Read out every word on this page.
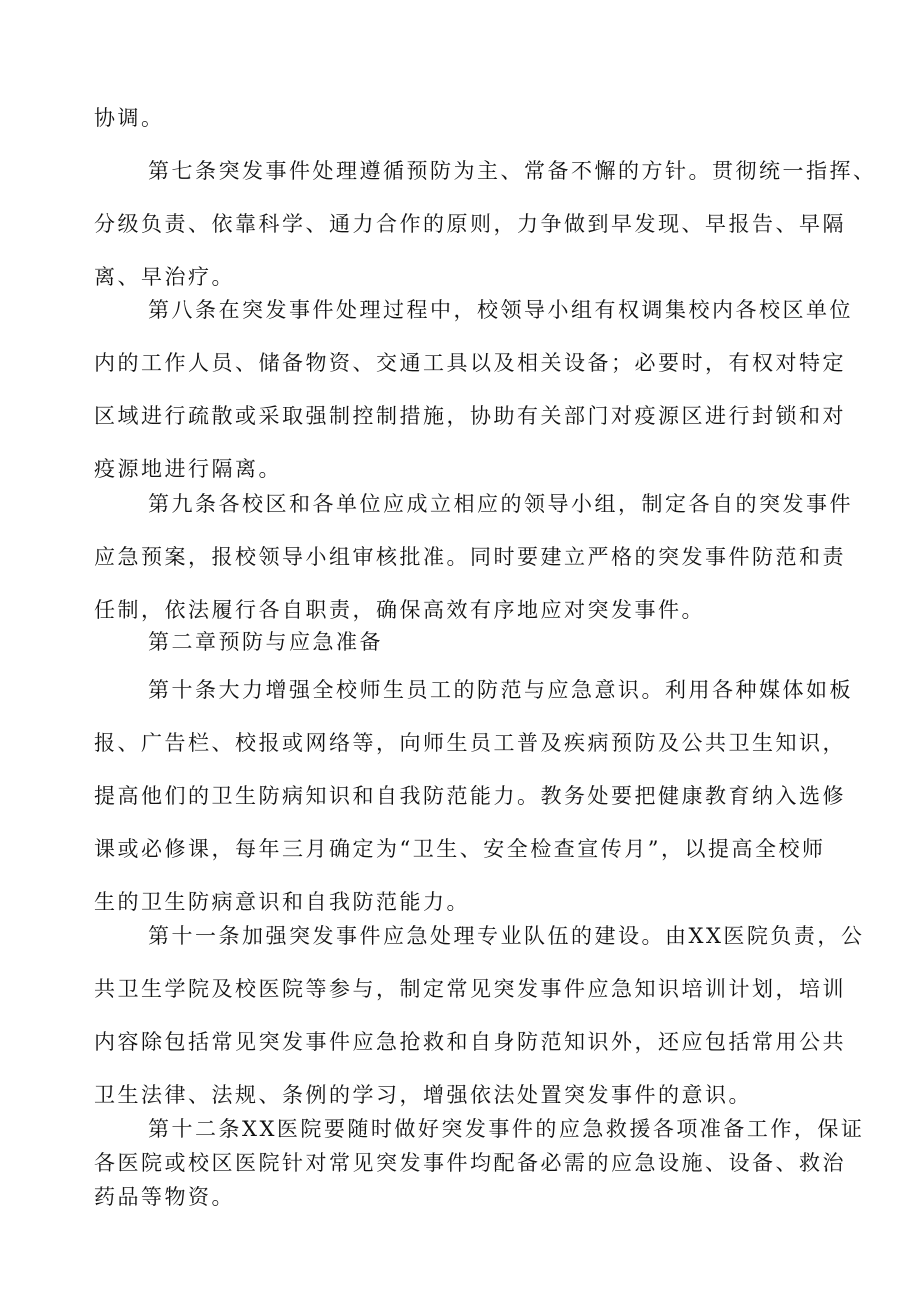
协调。

第七条突发事件处理遵循预防为主、常备不懈的方针。贯彻统一指挥、
分级负责、依靠科学、通力合作的原则，力争做到早发现、早报告、早隔
离、早治疗。

第八条在突发事件处理过程中，校领导小组有权调集校内各校区单位
内的工作人员、储备物资、交通工具以及相关设备；必要时，有权对特定
区域进行疏散或采取强制控制措施，协助有关部门对疫源区进行封锁和对
疫源地进行隔离。

第九条各校区和各单位应成立相应的领导小组，制定各自的突发事件
应急预案，报校领导小组审核批准。同时要建立严格的突发事件防范和责
任制，依法履行各自职责，确保高效有序地应对突发事件。

第二章预防与应急准备

第十条大力增强全校师生员工的防范与应急意识。利用各种媒体如板
报、广告栏、校报或网络等，向师生员工普及疾病预防及公共卫生知识，
提高他们的卫生防病知识和自我防范能力。教务处要把健康教育纳入选修
课或必修课，每年三月确定为“卫生、安全检查宣传月”，以提高全校师
生的卫生防病意识和自我防范能力。

第十一条加强突发事件应急处理专业队伍的建设。由XX医院负责，公
共卫生学院及校医院等参与，制定常见突发事件应急知识培训计划，培训
内容除包括常见突发事件应急抢救和自身防范知识外，还应包括常用公共
卫生法律、法规、条例的学习，增强依法处置突发事件的意识。

第十二条XX医院要随时做好突发事件的应急救援各项准备工作，保证
各医院或校区医院针对常见突发事件均配备必需的应急设施、设备、救治
药品等物资。
